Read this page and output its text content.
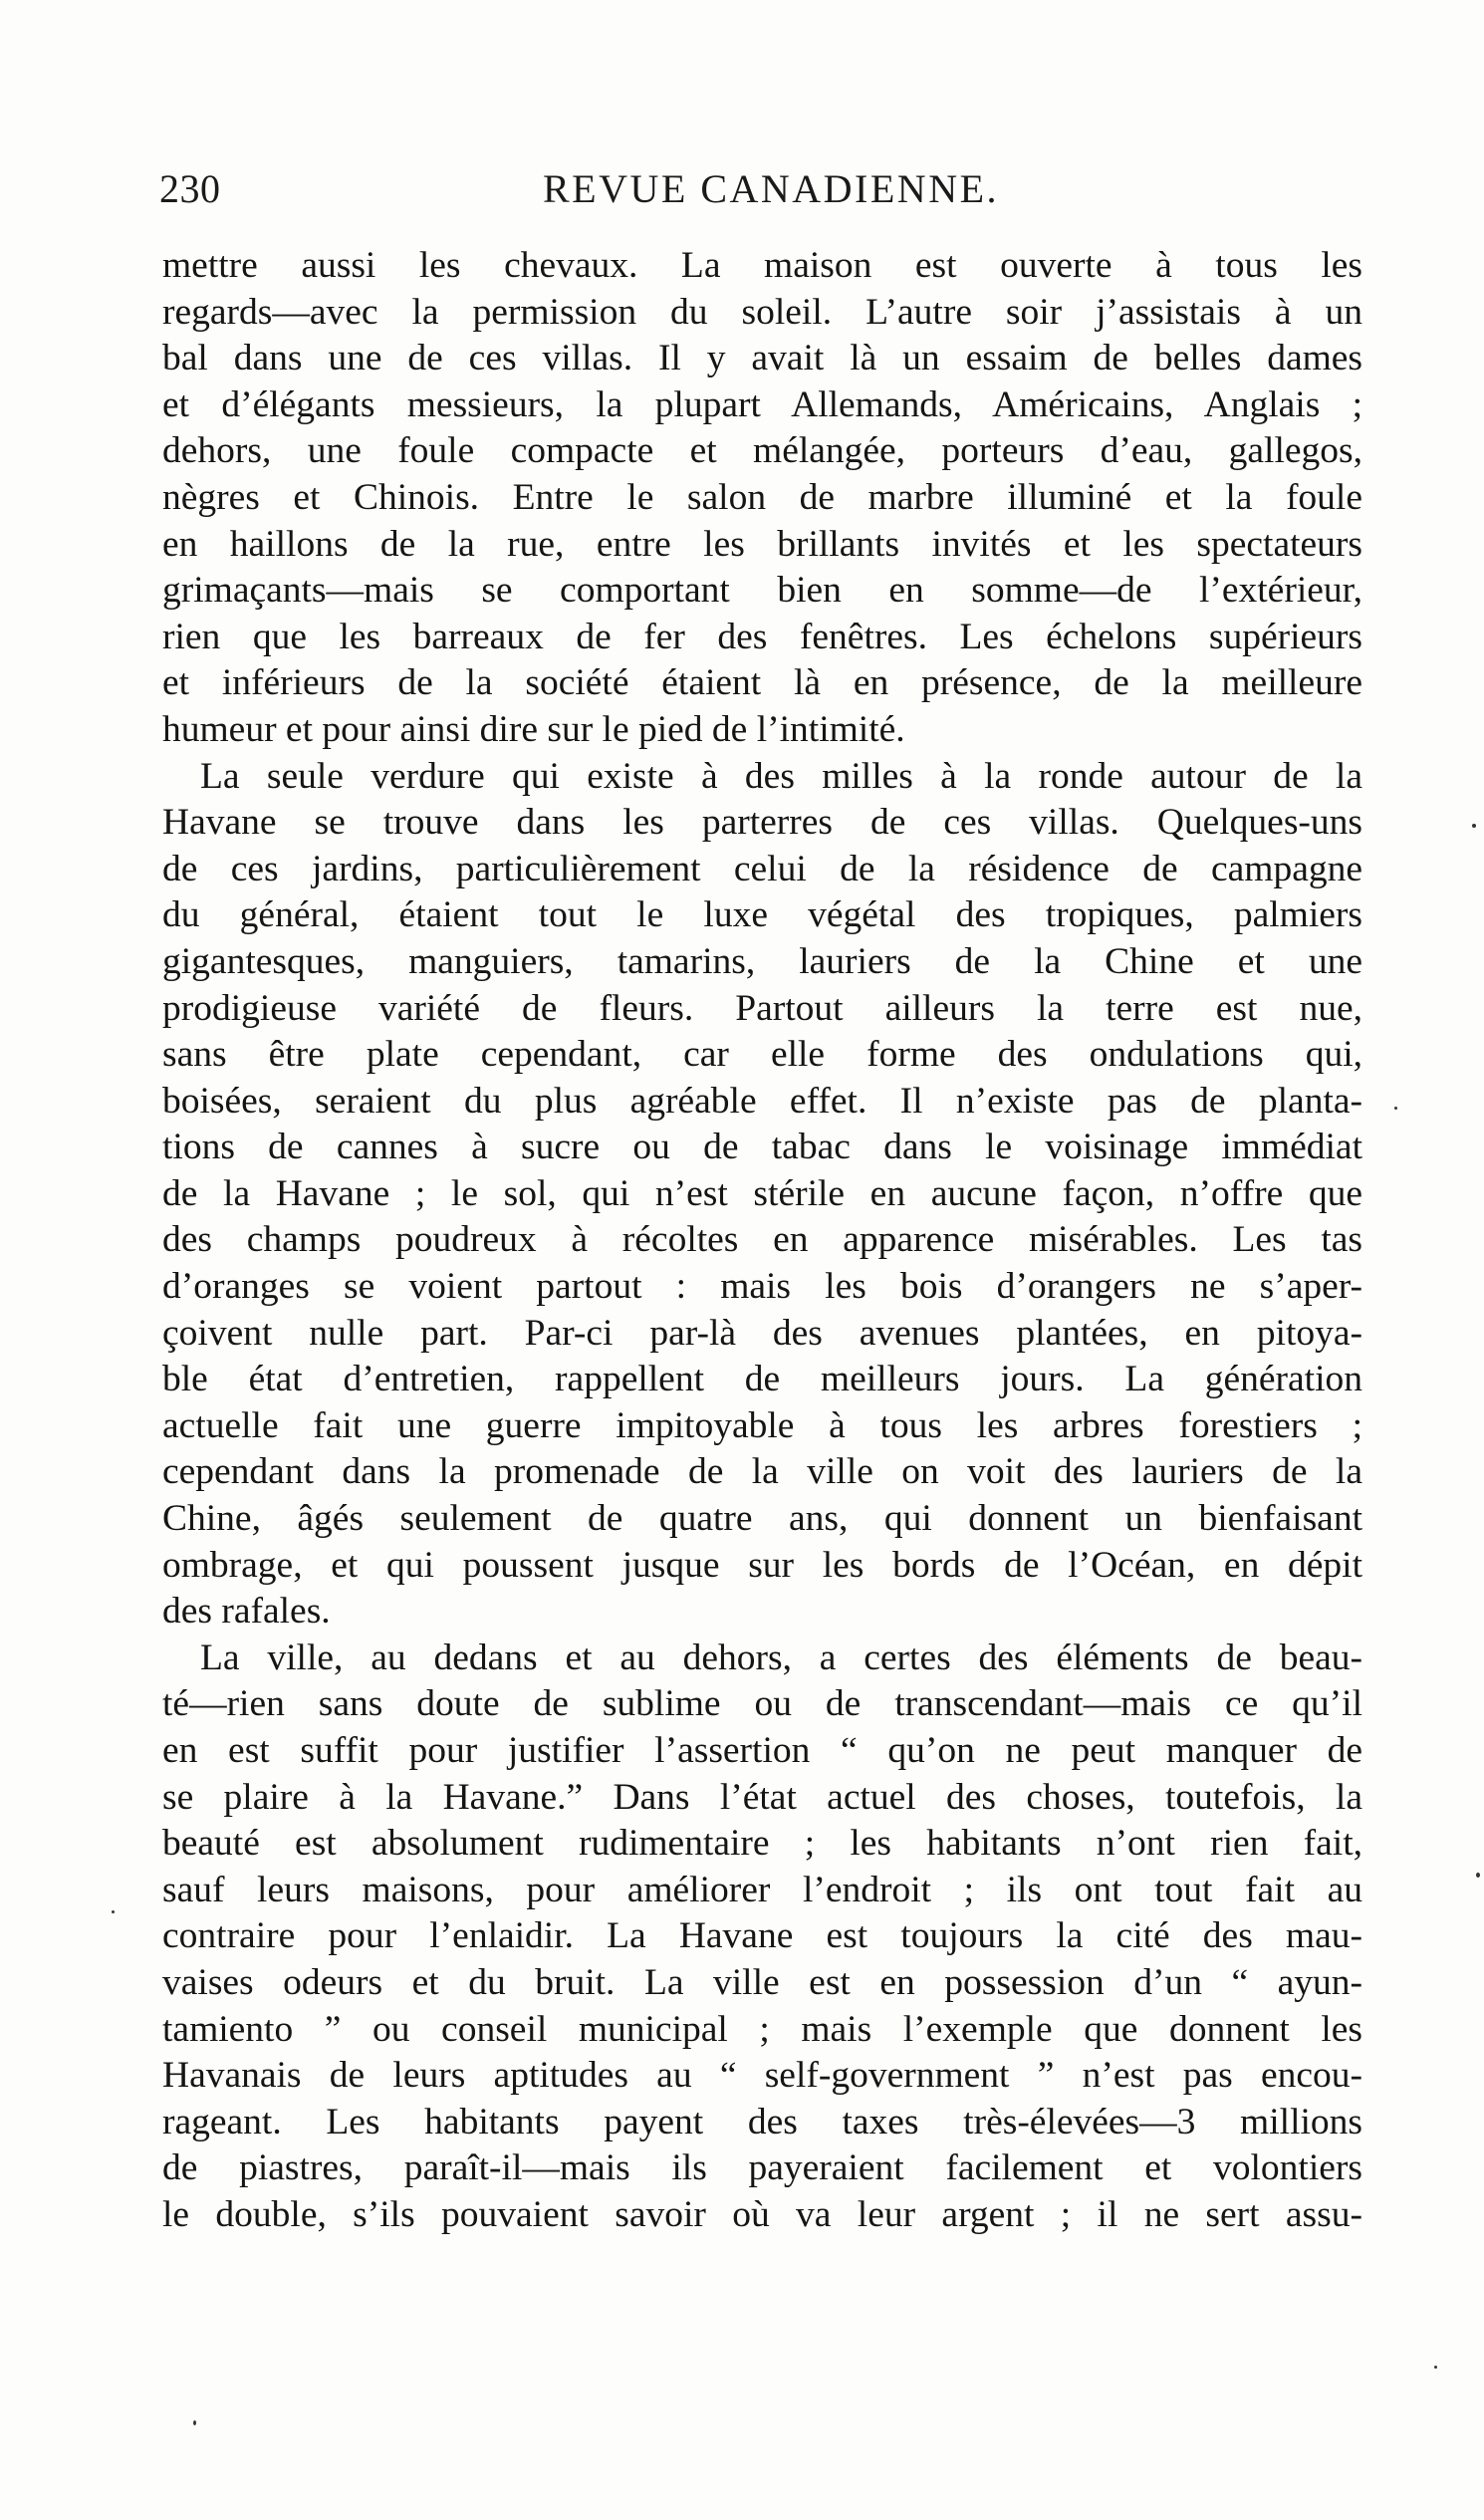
230	REVUE CANADIENNE.
mettre aussi les chevaux. La maison est ouverte à tous les
regards—avec la permission du soleil. L’autre soir j’assistais à un
bal dans une de ces villas. Il y avait là un essaim de belles dames
et d’élégants messieurs, la plupart Allemands, Américains, Anglais ;
dehors, une foule compacte et mélangée, porteurs d’eau, gallegos,
nègres et Chinois. Entre le salon de marbre illuminé et la foule
en haillons de la rue, entre les brillants invités et les spectateurs
grimaçants—mais se comportant bien en somme—de l’extérieur,
rien que les barreaux de fer des fenêtres. Les échelons supérieurs
et inférieurs de la société étaient là en présence, de la meilleure
humeur et pour ainsi dire sur le pied de l’intimité.
La seule verdure qui existe à des milles à la ronde autour de la
Havane se trouve dans les parterres de ces villas. Quelques-uns
de ces jardins, particulièrement celui de la résidence de campagne
du général, étaient tout le luxe végétal des tropiques, palmiers
gigantesques, manguiers, tamarins, lauriers de la Chine et une
prodigieuse variété de fleurs. Partout ailleurs la terre est nue,
sans être plate cependant, car elle forme des ondulations qui,
boisées, seraient du plus agréable effet. Il n’existe pas de planta-
tions de cannes à sucre ou de tabac dans le voisinage immédiat
de la Havane ; le sol, qui n’est stérile en aucune façon, n’offre que
des champs poudreux à récoltes en apparence misérables. Les tas
d’oranges se voient partout : mais les bois d’orangers ne s’aper-
çoivent nulle part. Par-ci par-là des avenues plantées, en pitoya-
ble état d’entretien, rappellent de meilleurs jours. La génération
actuelle fait une guerre impitoyable à tous les arbres forestiers ;
cependant dans la promenade de la ville on voit des lauriers de la
Chine, âgés seulement de quatre ans, qui donnent un bienfaisant
ombrage, et qui poussent jusque sur les bords de l’Océan, en dépit
des rafales.
La ville, au dedans et au dehors, a certes des éléments de beau-
té—rien sans doute de sublime ou de transcendant—mais ce qu’il
en est suffit pour justifier l’assertion “ qu’on ne peut manquer de
se plaire à la Havane.” Dans l’état actuel des choses, toutefois, la
beauté est absolument rudimentaire ; les habitants n’ont rien fait,
sauf leurs maisons, pour améliorer l’endroit ; ils ont tout fait au
contraire pour l’enlaidir. La Havane est toujours la cité des mau-
vaises odeurs et du bruit. La ville est en possession d’un “ ayun-
tamiento ” ou conseil municipal ; mais l’exemple que donnent les
Havanais de leurs aptitudes au “ self-government ” n’est pas encou-
rageant. Les habitants payent des taxes très-élevées—3 millions
de piastres, paraît-il—mais ils payeraient facilement et volontiers
le double, s’ils pouvaient savoir où va leur argent ; il ne sert assu-
